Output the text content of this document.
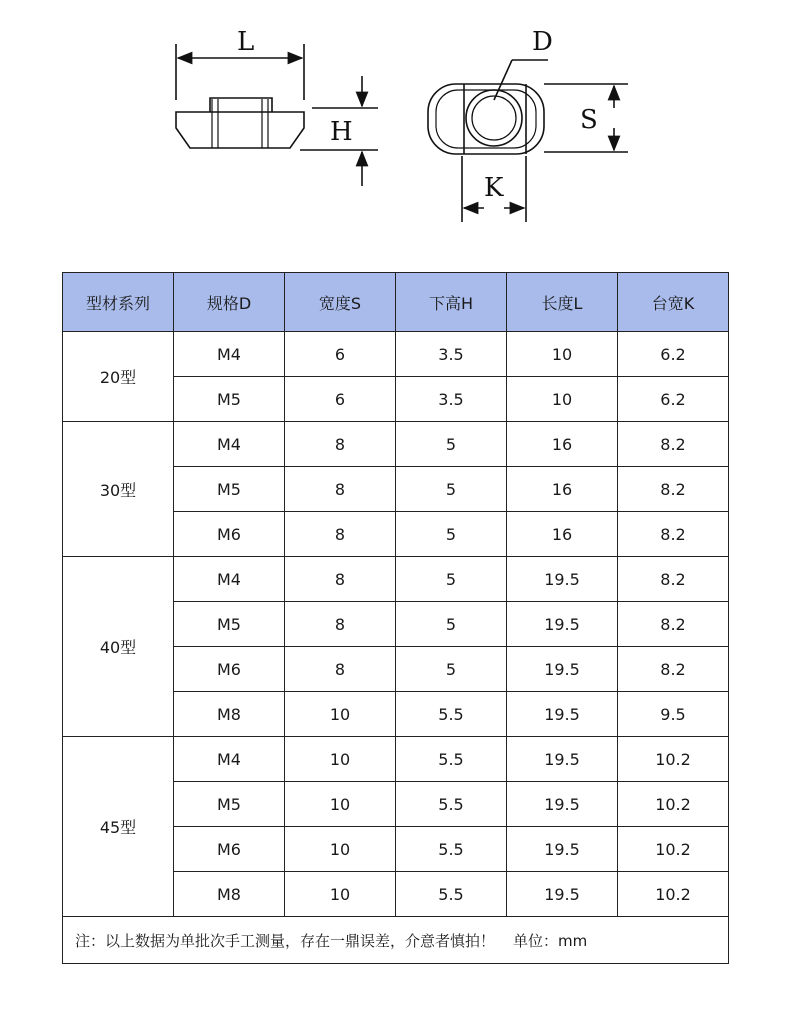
L
H
D
S
K
型材系列	规格D	宽度S	下高H	长度L	台宽K
20型	M4	6	3.5	10	6.2
	M5	6	3.5	10	6.2
30型	M4	8	5	16	8.2
	M5	8	5	16	8.2
	M6	8	5	16	8.2
40型	M4	8	5	19.5	8.2
	M5	8	5	19.5	8.2
	M6	8	5	19.5	8.2
	M8	10	5.5	19.5	9.5
45型	M4	10	5.5	19.5	10.2
	M5	10	5.5	19.5	10.2
	M6	10	5.5	19.5	10.2
	M8	10	5.5	19.5	10.2
注：以上数据为单批次手工测量，存在一鼎误差，介意者慎拍！ 单位：mm					
